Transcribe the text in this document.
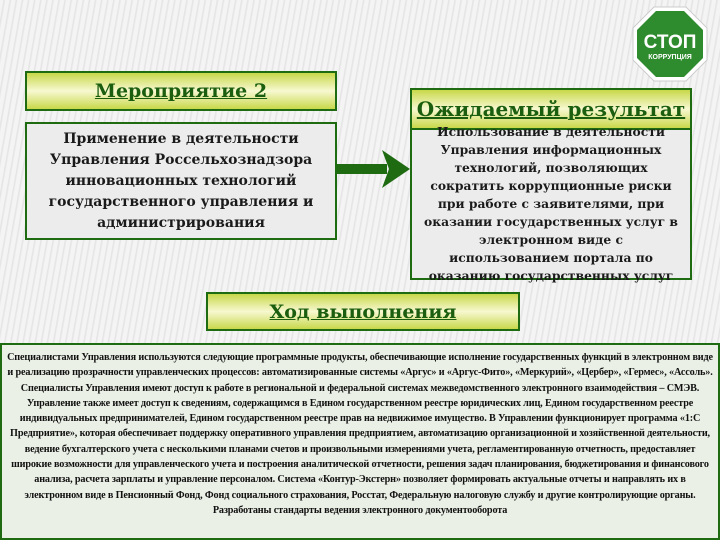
СТОП
КОРРУПЦИЯ
Мероприятие 2
Применение в деятельности Управления Россельхознадзора инновационных технологий государственного управления и администрирования
Ожидаемый результат
Использование в деятельности Управления информационных технологий, позволяющих сократить коррупционные риски при работе с заявителями, при оказании государственных услуг в электронном виде с использованием портала по оказанию государственных услуг
Ход выполнения
Специалистами Управления используются следующие программные продукты, обеспечивающие исполнение государственных функций в электронном виде и реализацию прозрачности управленческих процессов: автоматизированные системы «Аргус» и «Аргус-Фито», «Меркурий», «Цербер», «Гермес», «Ассоль». Специалисты Управления имеют доступ к работе в региональной и федеральной системах межведомственного электронного взаимодействия – СМЭВ. Управление также имеет доступ к сведениям, содержащимся в Едином государственном реестре юридических лиц, Едином государственном реестре индивидуальных предпринимателей, Едином государственном реестре прав на недвижимое имущество. В Управлении функционирует программа «1:С Предприятие», которая обеспечивает поддержку оперативного управления предприятием, автоматизацию организационной и хозяйственной деятельности, ведение бухгалтерского учета с несколькими планами счетов и произвольными измерениями учета, регламентированную отчетность, предоставляет широкие возможности для управленческого учета и построения аналитической отчетности, решения задач планирования, бюджетирования и финансового анализа, расчета зарплаты и управление персоналом. Система «Контур-Экстерн» позволяет формировать актуальные отчеты и направлять их в электронном виде в Пенсионный Фонд, Фонд социального страхования, Росстат, Федеральную налоговую службу и другие контролирующие органы. Разработаны стандарты ведения электронного документооборота
